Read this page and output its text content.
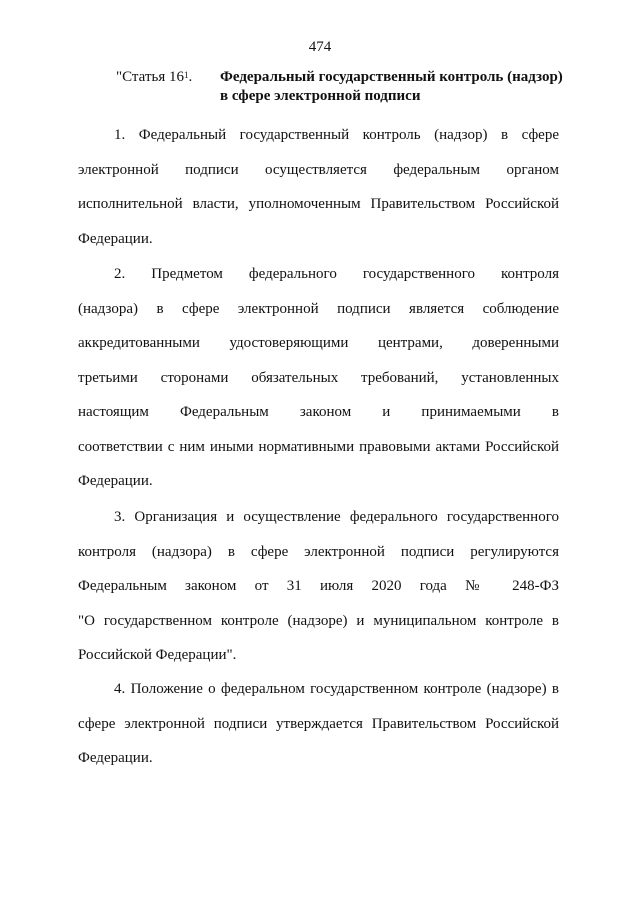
474
"Статья $16^1$. Федеральный государственный контроль (надзор)
в сфере электронной подписи
1. Федеральный государственный контроль (надзор) в сфере
электронной подписи осуществляется федеральным органом
исполнительной власти, уполномоченным Правительством Российской
Федерации.
2. Предметом федерального государственного контроля
(надзора) в сфере электронной подписи является соблюдение
аккредитованными удостоверяющими центрами, доверенными
третьими сторонами обязательных требований, установленных
настоящим Федеральным законом и принимаемыми в
соответствии с ним иными нормативными правовыми актами Российской
Федерации.
3. Организация и осуществление федерального государственного
контроля (надзора) в сфере электронной подписи регулируются
Федеральным законом от 31 июля 2020 года № 248-ФЗ
"О государственном контроле (надзоре) и муниципальном контроле в
Российской Федерации".
4. Положение о федеральном государственном контроле (надзоре) в
сфере электронной подписи утверждается Правительством Российской
Федерации.
